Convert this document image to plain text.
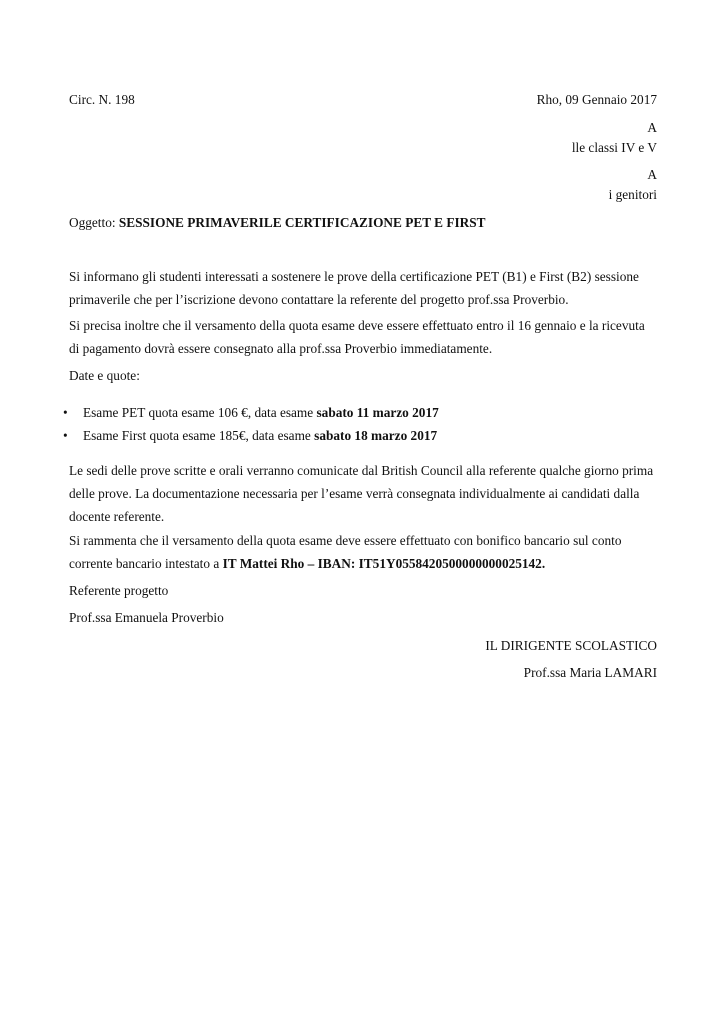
Circ. N. 198	Rho, 09 Gennaio 2017
A
lle classi IV e V
A
i genitori
Oggetto: SESSIONE PRIMAVERILE CERTIFICAZIONE PET E FIRST
Si informano gli studenti interessati a sostenere le prove della certificazione PET (B1) e First (B2) sessione primaverile che per l’iscrizione devono contattare la referente del progetto prof.ssa Proverbio.
Si precisa inoltre che il versamento della quota esame deve essere effettuato entro il 16 gennaio e la ricevuta di pagamento dovrà essere consegnato alla prof.ssa Proverbio immediatamente.
Date e quote:
• Esame PET quota esame 106 €, data esame sabato 11 marzo 2017
• Esame First quota esame 185€, data esame sabato 18 marzo 2017
Le sedi delle prove scritte e orali verranno comunicate dal British Council alla referente qualche giorno prima delle prove. La documentazione necessaria per l’esame verrà consegnata individualmente ai candidati dalla docente referente.
Si rammenta che il versamento della quota esame deve essere effettuato con bonifico bancario sul conto corrente bancario intestato a IT Mattei Rho – IBAN: IT51Y0558420500000000025142.
Referente progetto
Prof.ssa Emanuela Proverbio
IL DIRIGENTE SCOLASTICO
Prof.ssa Maria LAMARI
